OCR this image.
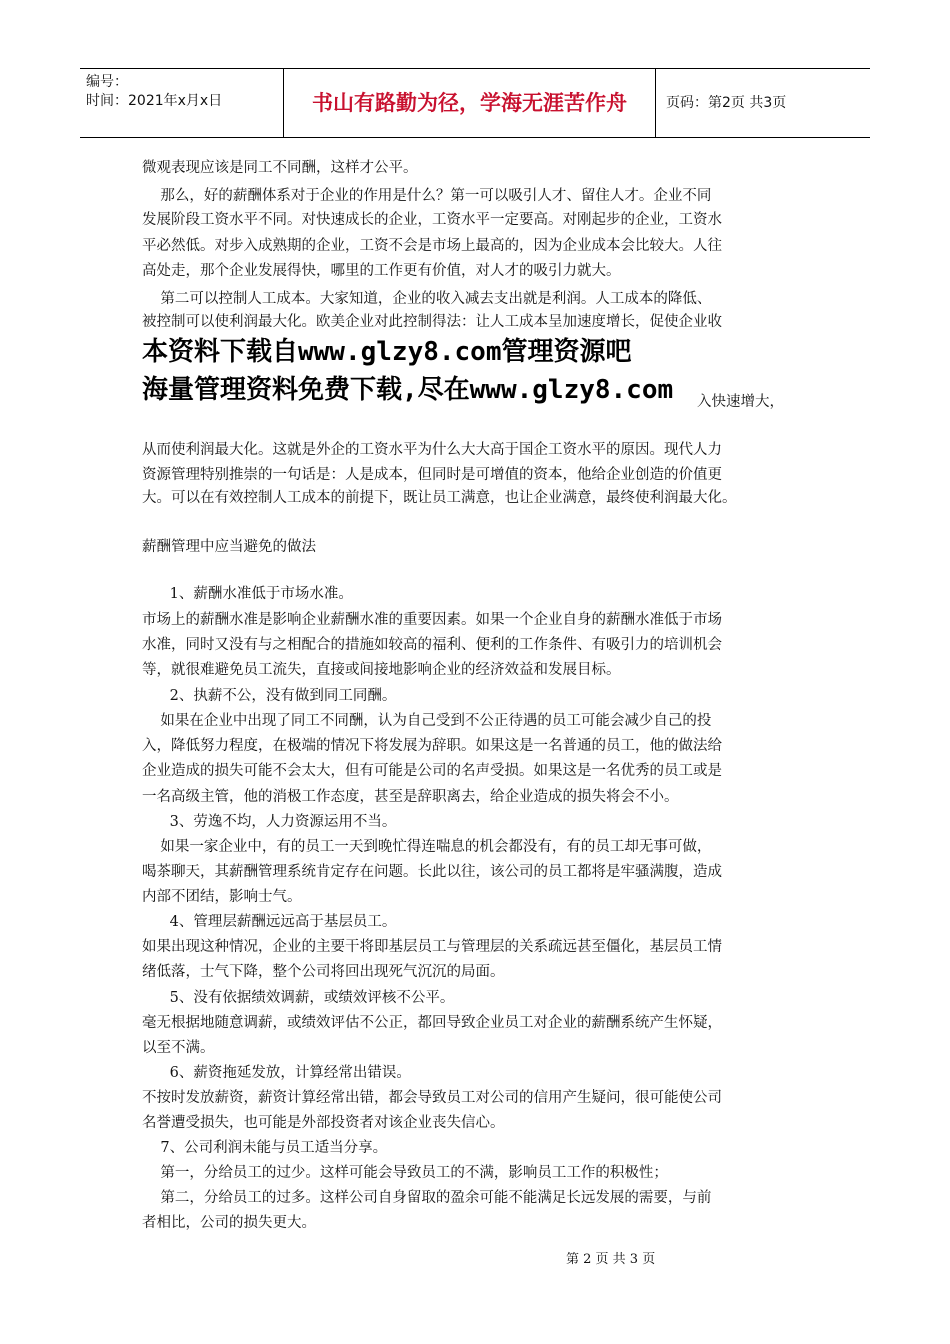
编号：
时间：2021年x月x日	书山有路勤为径，学海无涯苦作舟	页码：第2页 共3页
微观表现应该是同工不同酬，这样才公平。
那么，好的薪酬体系对于企业的作用是什么？第一可以吸引人才、留住人才。企业不同
发展阶段工资水平不同。对快速成长的企业，工资水平一定要高。对刚起步的企业，工资水
平必然低。对步入成熟期的企业，工资不会是市场上最高的，因为企业成本会比较大。人往
高处走，那个企业发展得快，哪里的工作更有价值，对人才的吸引力就大。
第二可以控制人工成本。大家知道，企业的收入减去支出就是利润。人工成本的降低、
被控制可以使利润最大化。欧美企业对此控制得法：让人工成本呈加速度增长，促使企业收
本资料下载自www.glzy8.com管理资源吧
海量管理资料免费下载,尽在www.glzy8.com 入快速增大，
从而使利润最大化。这就是外企的工资水平为什么大大高于国企工资水平的原因。现代人力
资源管理特别推崇的一句话是：人是成本，但同时是可增值的资本，他给企业创造的价值更
大。可以在有效控制人工成本的前提下，既让员工满意，也让企业满意，最终使利润最大化。
薪酬管理中应当避免的做法
1、薪酬水准低于市场水准。
市场上的薪酬水准是影响企业薪酬水准的重要因素。如果一个企业自身的薪酬水准低于市场
水准，同时又没有与之相配合的措施如较高的福利、便利的工作条件、有吸引力的培训机会
等，就很难避免员工流失，直接或间接地影响企业的经济效益和发展目标。
2、执薪不公，没有做到同工同酬。
如果在企业中出现了同工不同酬，认为自己受到不公正待遇的员工可能会减少自己的投
入，降低努力程度，在极端的情况下将发展为辞职。如果这是一名普通的员工，他的做法给
企业造成的损失可能不会太大，但有可能是公司的名声受损。如果这是一名优秀的员工或是
一名高级主管，他的消极工作态度，甚至是辞职离去，给企业造成的损失将会不小。
3、劳逸不均，人力资源运用不当。
如果一家企业中，有的员工一天到晚忙得连喘息的机会都没有，有的员工却无事可做，
喝茶聊天，其薪酬管理系统肯定存在问题。长此以往，该公司的员工都将是牢骚满腹，造成
内部不团结，影响士气。
4、管理层薪酬远远高于基层员工。
如果出现这种情况，企业的主要干将即基层员工与管理层的关系疏远甚至僵化，基层员工情
绪低落，士气下降，整个公司将回出现死气沉沉的局面。
5、没有依据绩效调薪，或绩效评核不公平。
毫无根据地随意调薪，或绩效评估不公正，都回导致企业员工对企业的薪酬系统产生怀疑，
以至不满。
6、薪资拖延发放，计算经常出错误。
不按时发放薪资，薪资计算经常出错，都会导致员工对公司的信用产生疑问，很可能使公司
名誉遭受损失，也可能是外部投资者对该企业丧失信心。
7、公司利润未能与员工适当分享。
第一，分给员工的过少。这样可能会导致员工的不满，影响员工工作的积极性；
第二，分给员工的过多。这样公司自身留取的盈余可能不能满足长远发展的需要，与前
者相比，公司的损失更大。
第 2 页 共 3 页
